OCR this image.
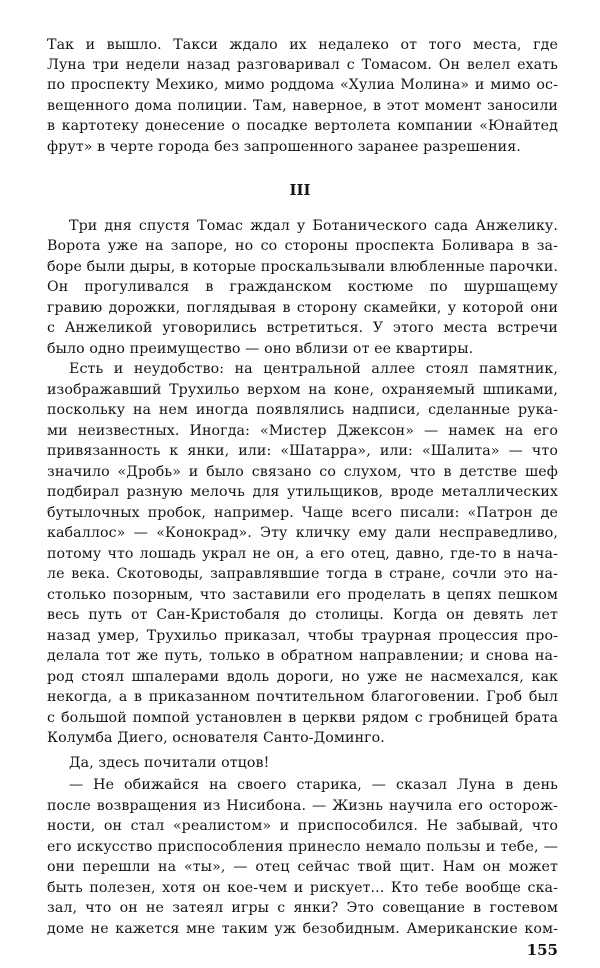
Так и вышло. Такси ждало их недалеко от того места, где

Луна три недели назад разговаривал с Томасом. Он велел ехать

по проспекту Мехико, мимо роддома «Хулиа Молина» и мимо ос-

вещенного дома полиции. Там, наверное, в этот момент заносили

в картотеку донесение о посадке вертолета компании «Юнайтед

фрут» в черте города без запрошенного заранее разрешения.

III

Три дня спустя Томас ждал у Ботанического сада Анжелику.

Ворота уже на запоре, но со стороны проспекта Боливара в за-

боре были дыры, в которые проскальзывали влюбленные парочки.

Он прогуливался в гражданском костюме по шуршащему

гравию дорожки, поглядывая в сторону скамейки, у которой они

с Анжеликой уговорились встретиться. У этого места встречи

было одно преимущество — оно вблизи от ее квартиры.

Есть и неудобство: на центральной аллее стоял памятник,

изображавший Трухильо верхом на коне, охраняемый шпиками,

поскольку на нем иногда появлялись надписи, сделанные рука-

ми неизвестных. Иногда: «Мистер Джексон» — намек на его

привязанность к янки, или: «Шатарра», или: «Шалита» — что

значило «Дробь» и было связано со слухом, что в детстве шеф

подбирал разную мелочь для утильщиков, вроде металлических

бутылочных пробок, например. Чаще всего писали: «Патрон де

кабаллос» — «Конокрад». Эту кличку ему дали несправедливо,

потому что лошадь украл не он, а его отец, давно, где-то в нача-

ле века. Скотоводы, заправлявшие тогда в стране, сочли это на-

столько позорным, что заставили его проделать в цепях пешком

весь путь от Сан-Кристобаля до столицы. Когда он девять лет

назад умер, Трухильо приказал, чтобы траурная процессия про-

делала тот же путь, только в обратном направлении; и снова на-

род стоял шпалерами вдоль дороги, но уже не насмехался, как

некогда, а в приказанном почтительном благоговении. Гроб был

с большой помпой установлен в церкви рядом с гробницей брата

Колумба Диего, основателя Санто-Доминго.

Да, здесь почитали отцов!

— Не обижайся на своего старика, — сказал Луна в день

после возвращения из Нисибона. — Жизнь научила его осторож-

ности, он стал «реалистом» и приспособился. Не забывай, что

его искусство приспособления принесло немало пользы и тебе, —

они перешли на «ты», — отец сейчас твой щит. Нам он может

быть полезен, хотя он кое-чем и рискует... Кто тебе вообще ска-

зал, что он не затеял игры с янки? Это совещание в гостевом

доме не кажется мне таким уж безобидным. Американские ком-

155
